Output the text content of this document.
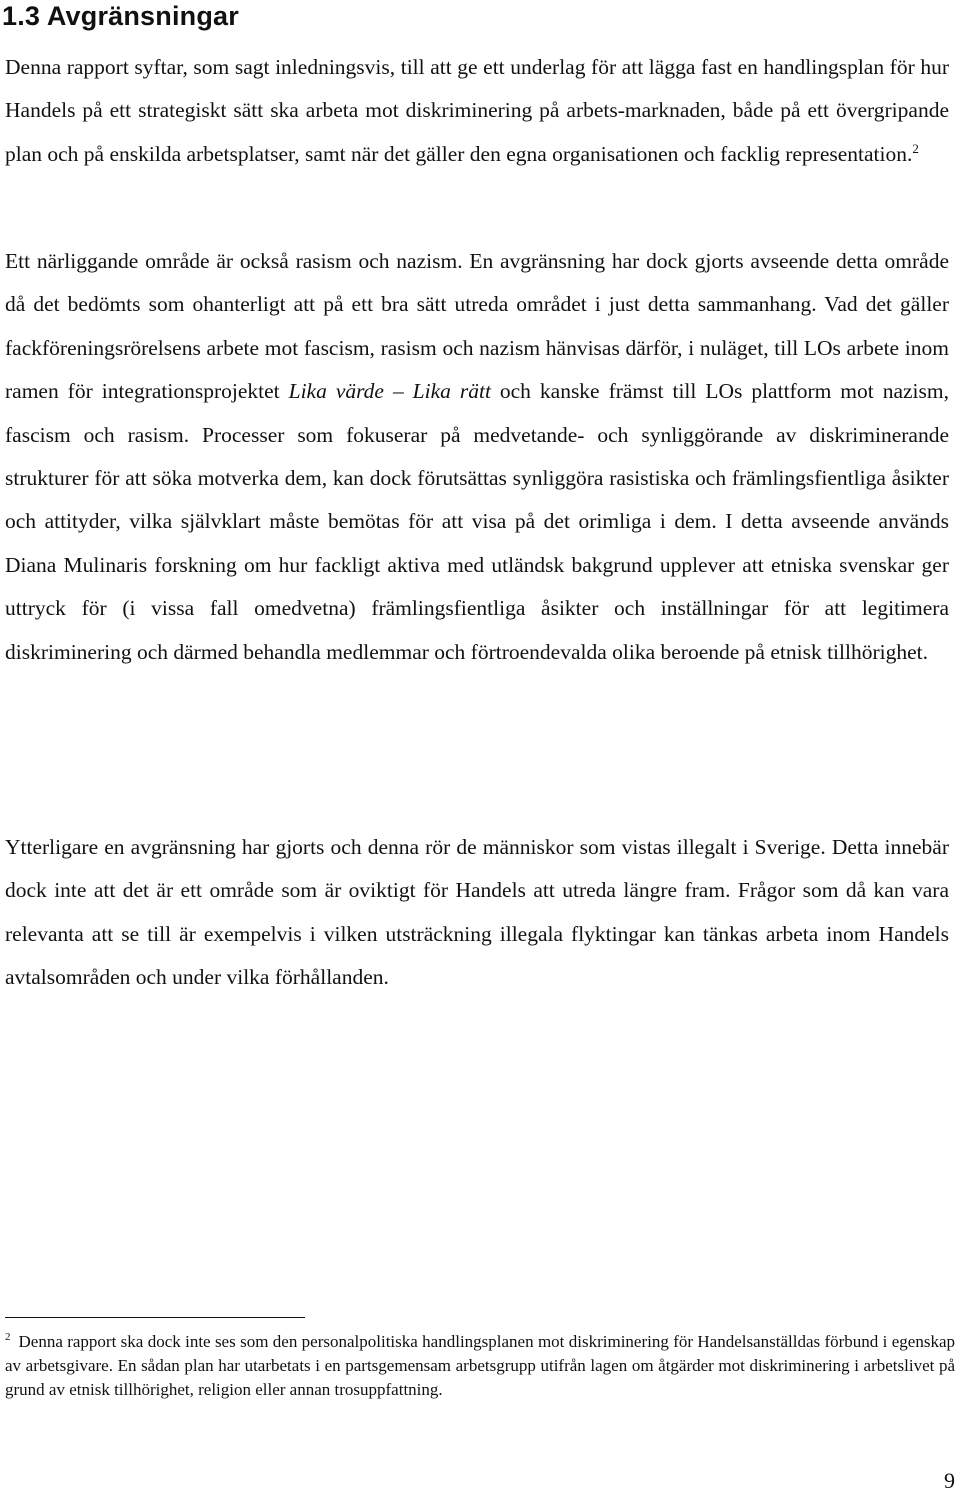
1.3 Avgränsningar

Denna rapport syftar, som sagt inledningsvis, till att ge ett underlag för att lägga fast en handlingsplan för hur Handels på ett strategiskt sätt ska arbeta mot diskriminering på arbets-marknaden, både på ett övergripande plan och på enskilda arbetsplatser, samt när det gäller den egna organisationen och facklig representation.$^2$

Ett närliggande område är också rasism och nazism. En avgränsning har dock gjorts avseende detta område då det bedömts som ohanterligt att på ett bra sätt utreda området i just detta sammanhang. Vad det gäller fackföreningsrörelsens arbete mot fascism, rasism och nazism hänvisas därför, i nuläget, till LOs arbete inom ramen för integrationsprojektet Lika värde – Lika rätt och kanske främst till LOs plattform mot nazism, fascism och rasism. Processer som fokuserar på medvetande- och synliggörande av diskriminerande strukturer för att söka motverka dem, kan dock förutsättas synliggöra rasistiska och främlingsfientliga åsikter och attityder, vilka självklart måste bemötas för att visa på det orimliga i dem. I detta avseende används Diana Mulinaris forskning om hur fackligt aktiva med utländsk bakgrund upplever att etniska svenskar ger uttryck för (i vissa fall omedvetna) främlingsfientliga åsikter och inställningar för att legitimera diskriminering och därmed behandla medlemmar och förtroendevalda olika beroende på etnisk tillhörighet.

Ytterligare en avgränsning har gjorts och denna rör de människor som vistas illegalt i Sverige. Detta innebär dock inte att det är ett område som är oviktigt för Handels att utreda längre fram. Frågor som då kan vara relevanta att se till är exempelvis i vilken utsträckning illegala flyktingar kan tänkas arbeta inom Handels avtalsområden och under vilka förhållanden.

$^2$ Denna rapport ska dock inte ses som den personalpolitiska handlingsplanen mot diskriminering för Handelsanställdas förbund i egenskap av arbetsgivare. En sådan plan har utarbetats i en partsgemensam arbetsgrupp utifrån lagen om åtgärder mot diskriminering i arbetslivet på grund av etnisk tillhörighet, religion eller annan trosuppfattning.

9
